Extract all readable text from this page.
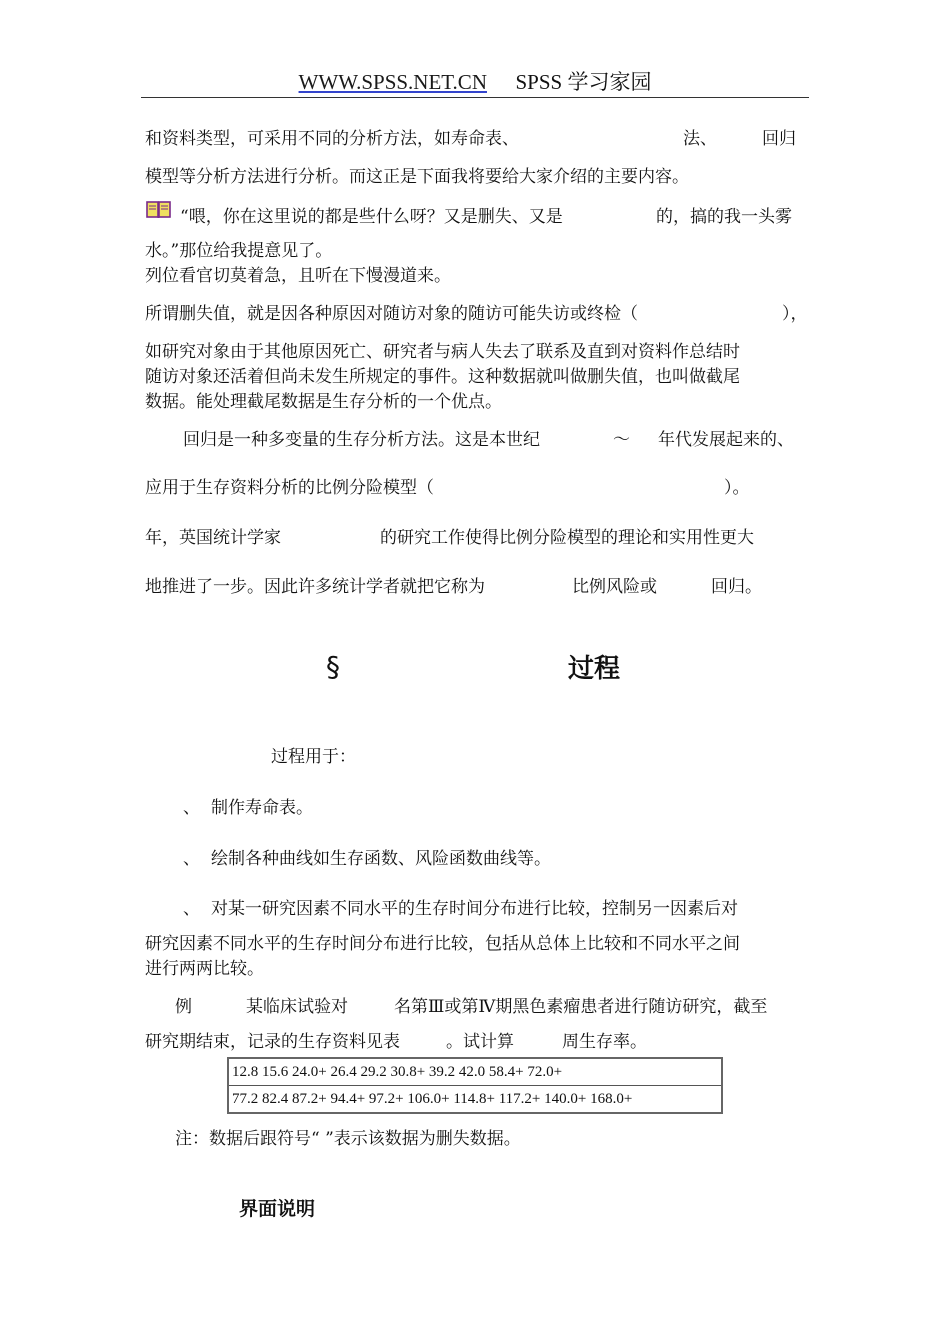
WWW.SPSS.NET.CN SPSS 学习家园
和资料类型，可采用不同的分析方法，如寿命表、	法、	回归
模型等分析方法进行分析。而这正是下面我将要给大家介绍的主要内容。
“喂，你在这里说的都是些什么呀？又是删失、又是	的，搞的我一头雾
水。”那位给我提意见了。
列位看官切莫着急，且听在下慢漫道来。
所谓删失值，就是因各种原因对随访对象的随访可能失访或终检（	），
如研究对象由于其他原因死亡、研究者与病人失去了联系及直到对资料作总结时
随访对象还活着但尚未发生所规定的事件。这种数据就叫做删失值，也叫做截尾
数据。能处理截尾数据是生存分析的一个优点。
回归是一种多变量的生存分析方法。这是本世纪	～ 年代发展起来的、
应用于生存资料分析的比例分险模型（	）。
年，英国统计学家	的研究工作使得比例分险模型的理论和实用性更大
地推进了一步。因此许多统计学者就把它称为	比例风险或	回归。
§	过程
过程用于：
、 制作寿命表。
、 绘制各种曲线如生存函数、风险函数曲线等。
、 对某一研究因素不同水平的生存时间分布进行比较，控制另一因素后对
研究因素不同水平的生存时间分布进行比较，包括从总体上比较和不同水平之间
进行两两比较。
例	某临床试验对	名第Ⅲ或第Ⅳ期黑色素瘤患者进行随访研究，截至
研究期结束，记录的生存资料见表	。试计算	周生存率。
12.8 15.6 24.0+ 26.4 29.2 30.8+ 39.2 42.0 58.4+ 72.0+
77.2 82.4 87.2+ 94.4+ 97.2+ 106.0+ 114.8+ 117.2+ 140.0+ 168.0+
注：数据后跟符号“ ”表示该数据为删失数据。
界面说明
